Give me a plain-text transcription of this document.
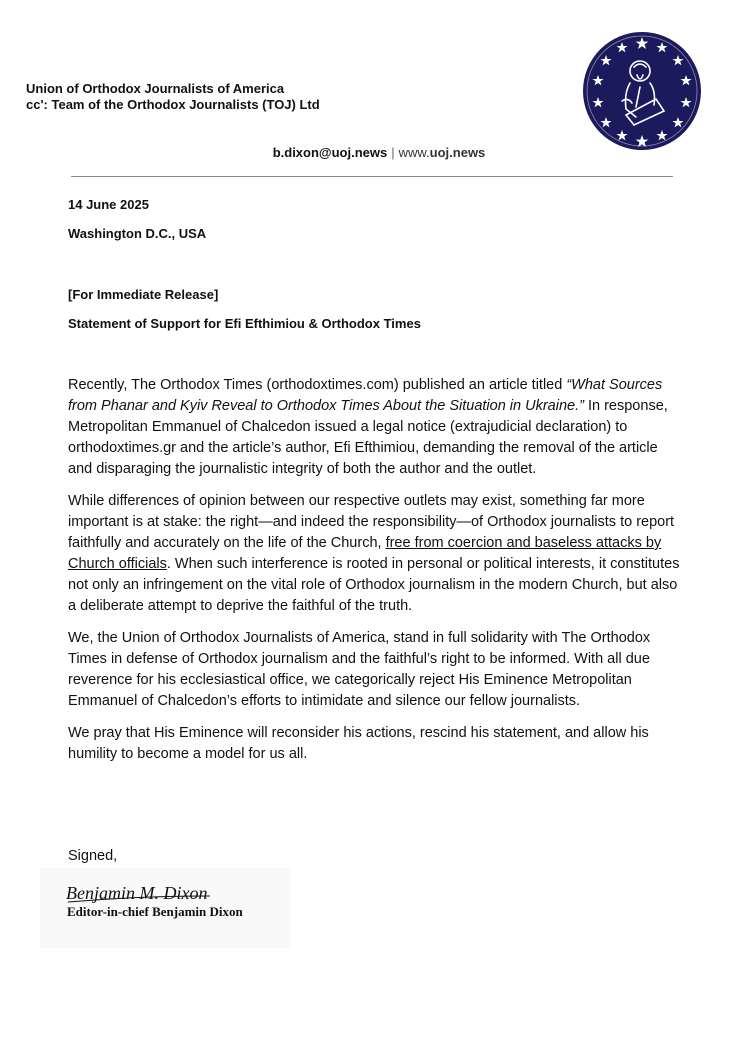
Union of Orthodox Journalists of America
cc': Team of the Orthodox Journalists (TOJ) Ltd
b.dixon@uoj.news | www.uoj.news
14 June 2025
Washington D.C., USA
[For Immediate Release]
Statement of Support for Efi Efthimiou & Orthodox Times

Recently, The Orthodox Times (orthodoxtimes.com) published an article titled “What Sources from Phanar and Kyiv Reveal to Orthodox Times About the Situation in Ukraine.” In response, Metropolitan Emmanuel of Chalcedon issued a legal notice (extrajudicial declaration) to orthodoxtimes.gr and the article’s author, Efi Efthimiou, demanding the removal of the article and disparaging the journalistic integrity of both the author and the outlet.

While differences of opinion between our respective outlets may exist, something far more important is at stake: the right—and indeed the responsibility—of Orthodox journalists to report faithfully and accurately on the life of the Church, free from coercion and baseless attacks by Church officials. When such interference is rooted in personal or political interests, it constitutes not only an infringement on the vital role of Orthodox journalism in the modern Church, but also a deliberate attempt to deprive the faithful of the truth.

We, the Union of Orthodox Journalists of America, stand in full solidarity with The Orthodox Times in defense of Orthodox journalism and the faithful’s right to be informed. With all due reverence for his ecclesiastical office, we categorically reject His Eminence Metropolitan Emmanuel of Chalcedon’s efforts to intimidate and silence our fellow journalists.

We pray that His Eminence will reconsider his actions, rescind his statement, and allow his humility to become a model for us all.

Signed,
Benjamin M. Dixon
Editor-in-chief Benjamin Dixon
